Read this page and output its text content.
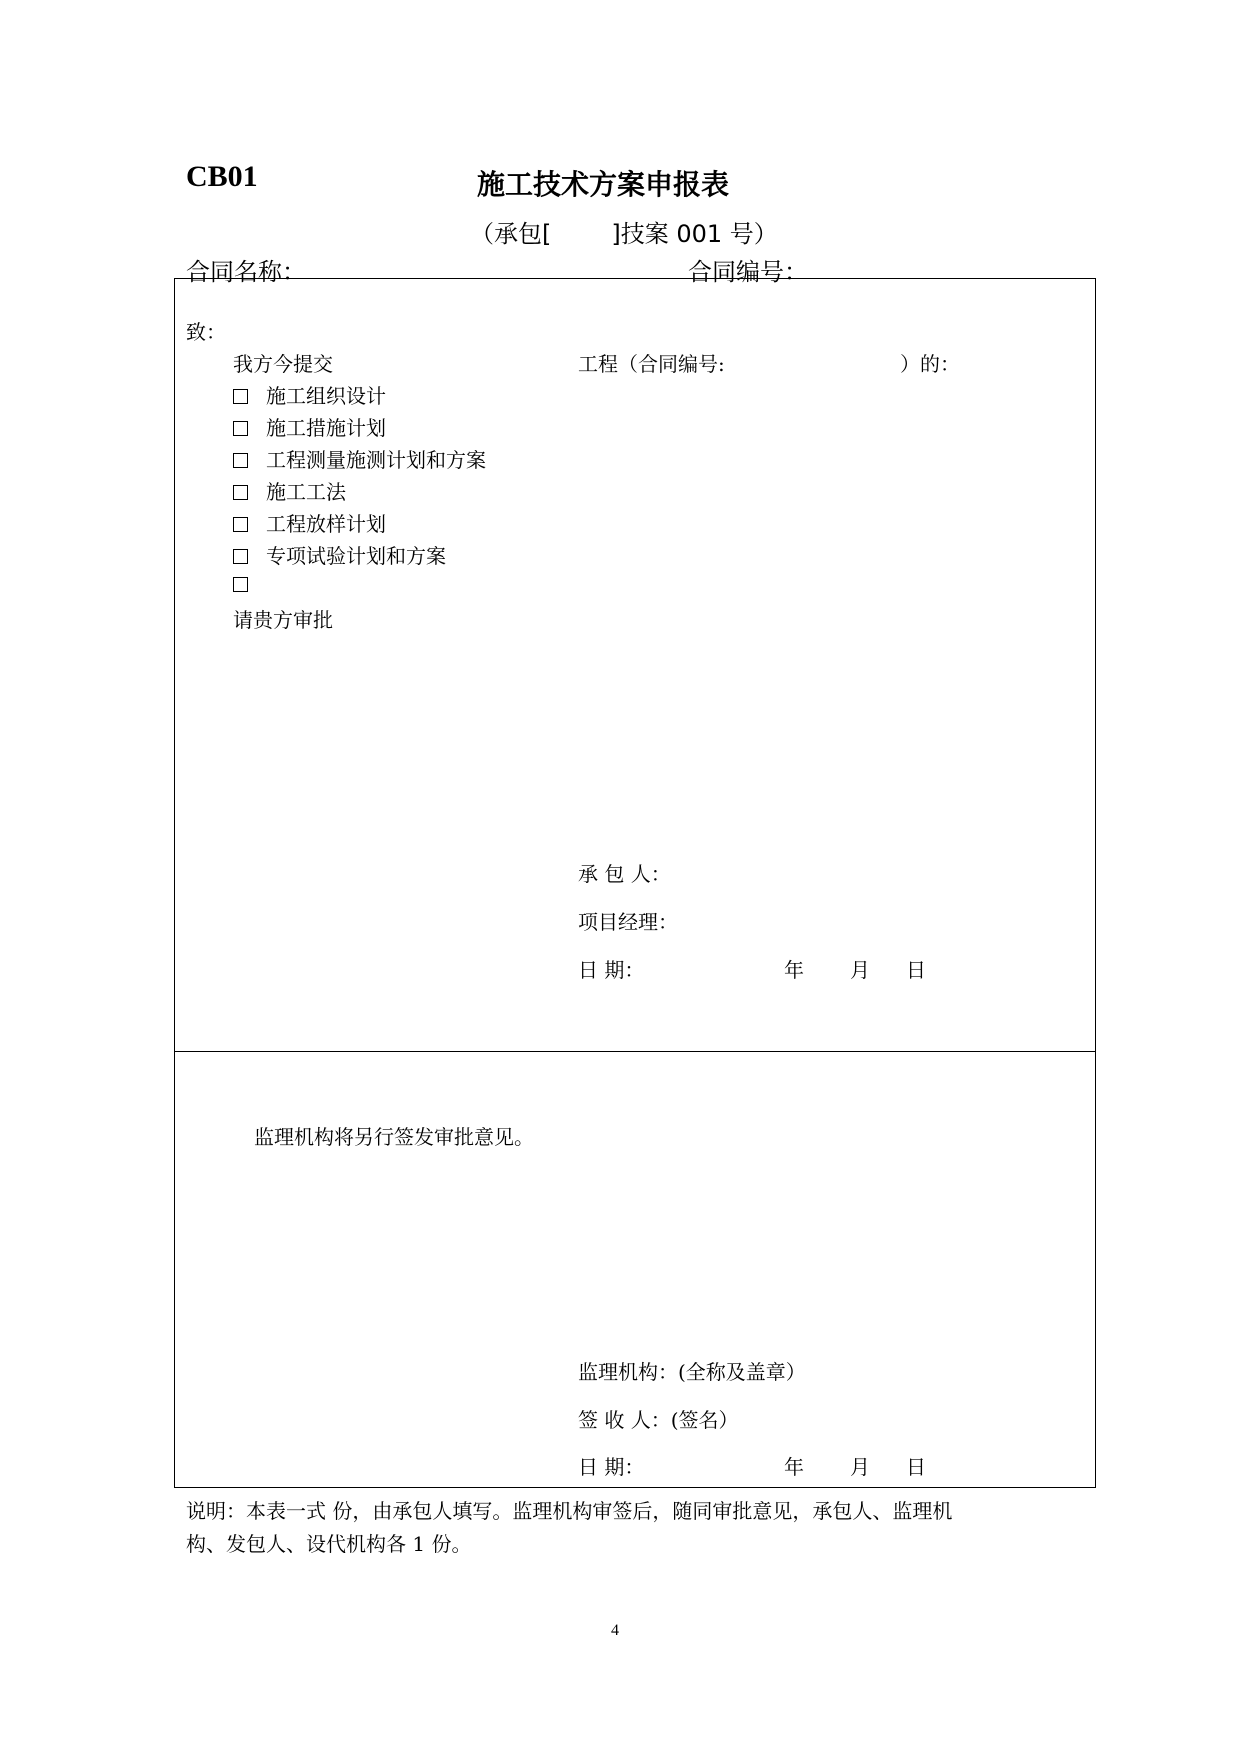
CB01	施工技术方案申报表
（承包[	]技案 001 号）
合同名称：	合同编号：
致：
我方今提交	工程（合同编号:	）的：
施工组织设计
施工措施计划
工程测量施测计划和方案
施工工法
工程放样计划
专项试验计划和方案
请贵方审批
承 包 人：
项目经理：
日 期：	年 月 日
监理机构将另行签发审批意见。
监理机构：(全称及盖章）
签 收 人：(签名）
日 期：	年 月 日
说明：本表一式 份，由承包人填写。监理机构审签后，随同审批意见，承包人、监理机
构、发包人、设代机构各 1 份。
4
